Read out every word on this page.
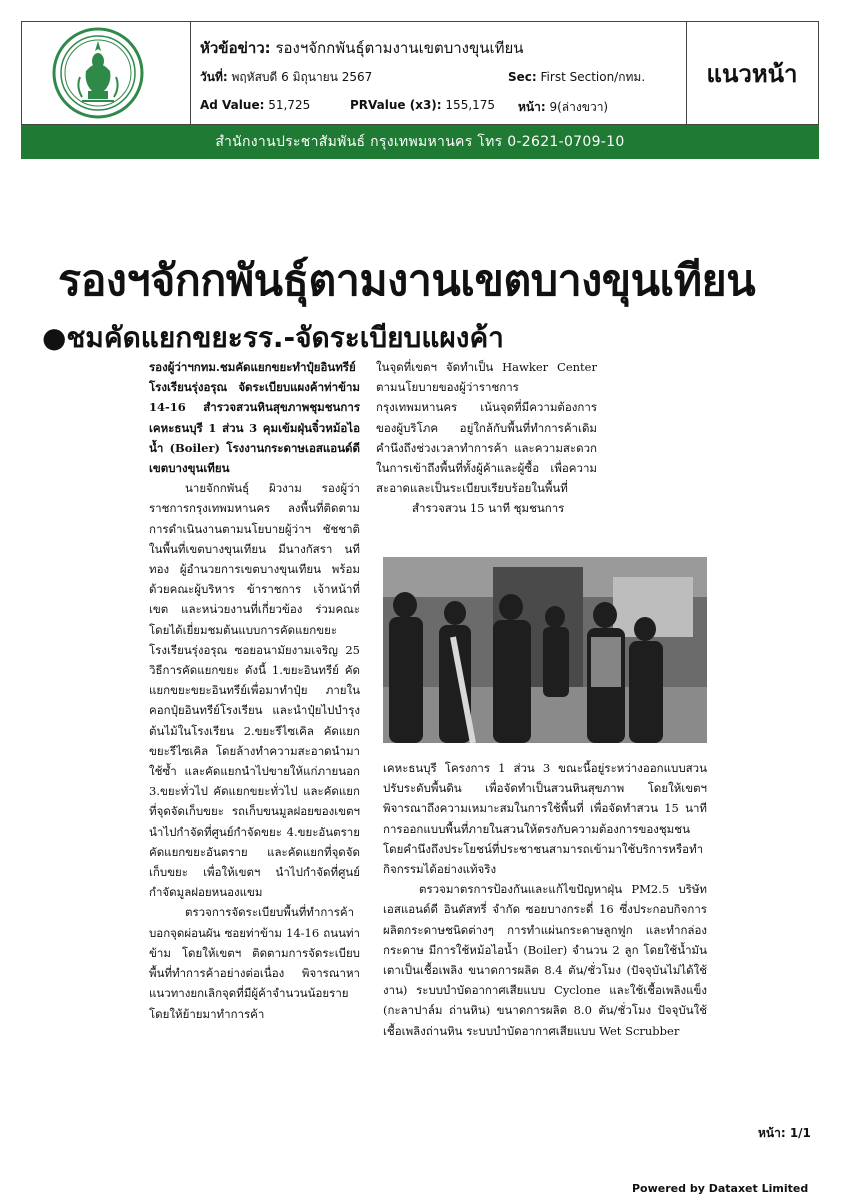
หัวข้อข่าว: รองฯจักกพันธุ์ตามงานเขตบางขุนเทียน
วันที่: พฤหัสบดี 6 มิถุนายน 2567	Sec: First Section/กทม.
Ad Value: 51,725	PRValue (x3): 155,175 หน้า: 9(ล่างขวา)
แนวหน้า
สำนักงานประชาสัมพันธ์ กรุงเทพมหานคร โทร 0-2621-0709-10
รองฯจักกพันธุ์ตามงานเขตบางขุนเทียน
●ชมคัดแยกขยะรร.-จัดระเบียบแผงค้า

รองผู้ว่าฯกทม.ชมคัดแยกขยะทำปุ๋ยอินทรีย์โรงเรียนรุ่งอรุณ จัดระเบียบแผงค้าท่าข้าม 14-16 สำรวจสวนหินสุขภาพชุมชนการเคหะธนบุรี 1 ส่วน 3 คุมเข้มฝุ่นจิ๋วหม้อไอน้ำ (Boiler) โรงงานกระดาษเอสแอนด์ดี เขตบางขุนเทียน

นายจักกพันธุ์ ผิวงาม รองผู้ว่าราชการกรุงเทพมหานคร ลงพื้นที่ติดตามการดำเนินงานตามนโยบายผู้ว่าฯ ชัชชาติ ในพื้นที่เขตบางขุนเทียน มีนางกัสรา นทีทอง ผู้อำนวยการเขตบางขุนเทียน พร้อมด้วยคณะผู้บริหาร ข้าราชการ เจ้าหน้าที่เขต และหน่วยงานที่เกี่ยวข้อง ร่วมคณะ โดยได้เยี่ยมชมต้นแบบการคัดแยกขยะ โรงเรียนรุ่งอรุณ ซอยอนามัยงามเจริญ 25 วิธีการคัดแยกขยะ ดังนี้ 1.ขยะอินทรีย์ คัดแยกขยะขยะอินทรีย์เพื่อมาทำปุ๋ย ภายในคอกปุ๋ยอินทรีย์โรงเรียน และนำปุ๋ยไปบำรุงต้นไม้ในโรงเรียน 2.ขยะรีไซเคิล คัดแยกขยะรีไซเคิล โดยล้างทำความสะอาดนำมาใช้ซ้ำ และคัดแยกนำไปขายให้แก่ภายนอก 3.ขยะทั่วไป คัดแยกขยะทั่วไป และคัดแยกที่จุดจัดเก็บขยะ รถเก็บขนมูลฝอยของเขตฯ นำไปกำจัดที่ศูนย์กำจัดขยะ 4.ขยะอันตราย คัดแยกขยะอันตราย และคัดแยกที่จุดจัดเก็บขยะ เพื่อให้เขตฯ นำไปกำจัดที่ศูนย์กำจัดมูลฝอยหนองแขม

ตรวจการจัดระเบียบพื้นที่ทำการค้าบอกจุดผ่อนผัน ซอยท่าข้าม 14-16 ถนนท่าข้าม โดยให้เขตฯ ติดตามการจัดระเบียบพื้นที่ทำการค้าอย่างต่อเนื่อง พิจารณาหาแนวทางยกเลิกจุดที่มีผู้ค้าจำนวนน้อยราย โดยให้ย้ายมาทำการค้า

ในจุดที่เขตฯ จัดทำเป็น Hawker Center ตามนโยบายของผู้ว่าราชการกรุงเทพมหานคร เน้นจุดที่มีความต้องการของผู้บริโภค อยู่ใกล้กับพื้นที่ทำการค้าเดิม คำนึงถึงช่วงเวลาทำการค้า และความสะดวกในการเข้าถึงพื้นที่ทั้งผู้ค้าและผู้ซื้อ เพื่อความสะอาดและเป็นระเบียบเรียบร้อยในพื้นที่

สำรวจสวน 15 นาที ชุมชนการ

เคหะธนบุรี โครงการ 1 ส่วน 3 ขณะนี้อยู่ระหว่างออกแบบสวน ปรับระดับพื้นดิน เพื่อจัดทำเป็นสวนหินสุขภาพ โดยให้เขตฯ พิจารณาถึงความเหมาะสมในการใช้พื้นที่ เพื่อจัดทำสวน 15 นาที การออกแบบพื้นที่ภายในสวนให้ตรงกับความต้องการของชุมชน โดยคำนึงถึงประโยชน์ที่ประชาชนสามารถเข้ามาใช้บริการหรือทำกิจกรรมได้อย่างแท้จริง

ตรวจมาตรการป้องกันและแก้ไขปัญหาฝุ่น PM2.5 บริษัท เอสแอนด์ดี อินดัสทรี่ จำกัด ซอยบางกระดี่ 16 ซึ่งประกอบกิจการผลิตกระดาษชนิดต่างๆ การทำแผ่นกระดาษลูกฟูก และทำกล่องกระดาษ มีการใช้หม้อไอน้ำ (Boiler) จำนวน 2 ลูก โดยใช้น้ำมันเตาเป็นเชื้อเพลิง ขนาดการผลิต 8.4 ตัน/ชั่วโมง (ปัจจุบันไม่ได้ใช้งาน) ระบบบำบัดอากาศเสียแบบ Cyclone และใช้เชื้อเพลิงแข็ง (กะลาปาล์ม ถ่านหิน) ขนาดการผลิต 8.0 ตัน/ชั่วโมง ปัจจุบันใช้เชื้อเพลิงถ่านหิน ระบบบำบัดอากาศเสียแบบ Wet Scrubber

หน้า: 1/1
Powered by Dataxet Limited
